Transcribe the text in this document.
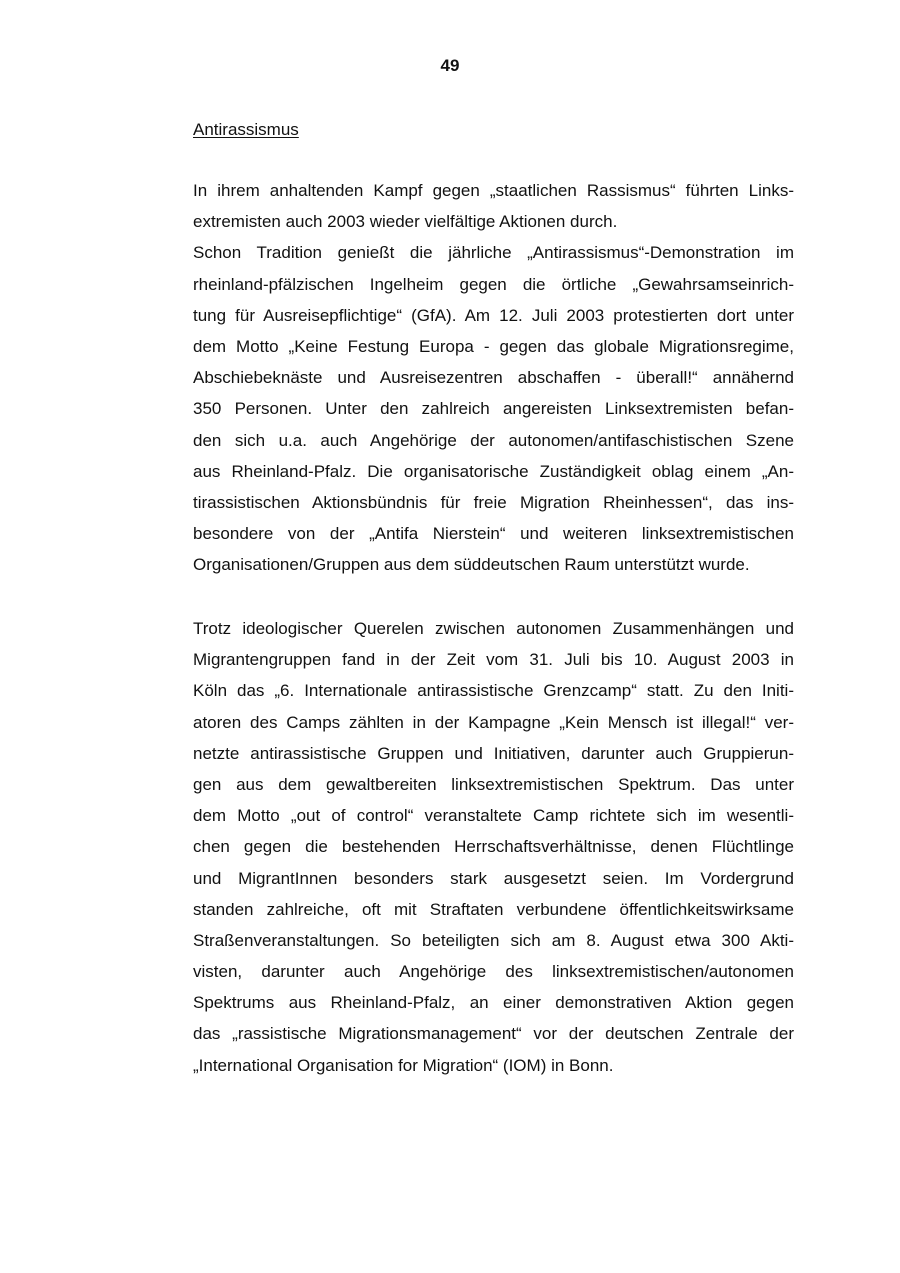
49
Antirassismus
In ihrem anhaltenden Kampf gegen „staatlichen Rassismus“ führten Links-
extremisten auch 2003 wieder vielfältige Aktionen durch.
Schon Tradition genießt die jährliche „Antirassismus“-Demonstration im
rheinland-pfälzischen Ingelheim gegen die örtliche „Gewahrsamseinrich-
tung für Ausreisepflichtige“ (GfA). Am 12. Juli 2003 protestierten dort unter
dem Motto „Keine Festung Europa - gegen das globale Migrationsregime,
Abschiebeknäste und Ausreisezentren abschaffen - überall!“ annähernd
350 Personen. Unter den zahlreich angereisten Linksextremisten befan-
den sich u.a. auch Angehörige der autonomen/antifaschistischen Szene
aus Rheinland-Pfalz. Die organisatorische Zuständigkeit oblag einem „An-
tirassistischen Aktionsbündnis für freie Migration Rheinhessen“, das ins-
besondere von der „Antifa Nierstein“ und weiteren linksextremistischen
Organisationen/Gruppen aus dem süddeutschen Raum unterstützt wurde.
Trotz ideologischer Querelen zwischen autonomen Zusammenhängen und
Migrantengruppen fand in der Zeit vom 31. Juli bis 10. August 2003 in
Köln das „6. Internationale antirassistische Grenzcamp“ statt. Zu den Initi-
atoren des Camps zählten in der Kampagne „Kein Mensch ist illegal!“ ver-
netzte antirassistische Gruppen und Initiativen, darunter auch Gruppierun-
gen aus dem gewaltbereiten linksextremistischen Spektrum. Das unter
dem Motto „out of control“ veranstaltete Camp richtete sich im wesentli-
chen gegen die bestehenden Herrschaftsverhältnisse, denen Flüchtlinge
und MigrantInnen besonders stark ausgesetzt seien. Im Vordergrund
standen zahlreiche, oft mit Straftaten verbundene öffentlichkeitswirksame
Straßenveranstaltungen. So beteiligten sich am 8. August etwa 300 Akti-
visten, darunter auch Angehörige des linksextremistischen/autonomen
Spektrums aus Rheinland-Pfalz, an einer demonstrativen Aktion gegen
das „rassistische Migrationsmanagement“ vor der deutschen Zentrale der
„International Organisation for Migration“ (IOM) in Bonn.
